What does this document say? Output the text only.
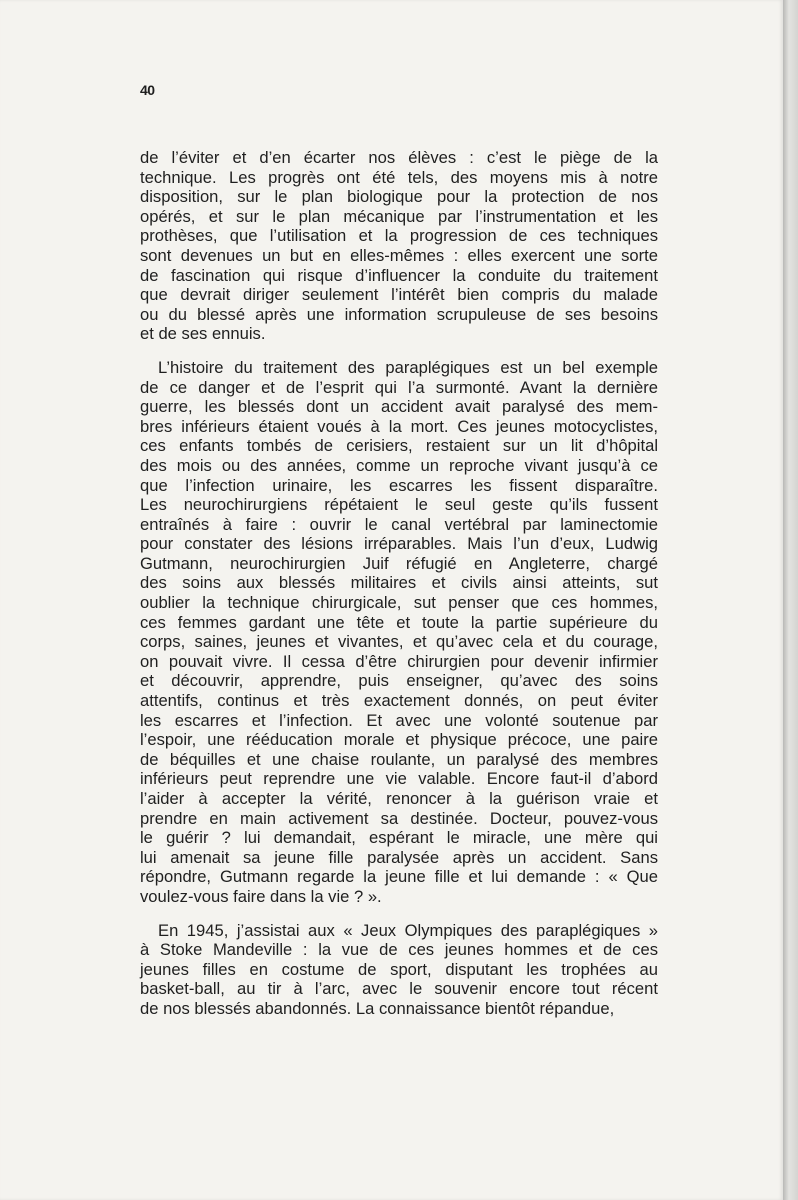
40
de l’éviter et d’en écarter nos élèves : c’est le piège de la
technique. Les progrès ont été tels, des moyens mis à notre
disposition, sur le plan biologique pour la protection de nos
opérés, et sur le plan mécanique par l’instrumentation et les
prothèses, que l’utilisation et la progression de ces techniques
sont devenues un but en elles-mêmes : elles exercent une sorte
de fascination qui risque d’influencer la conduite du traitement
que devrait diriger seulement l’intérêt bien compris du malade
ou du blessé après une information scrupuleuse de ses besoins
et de ses ennuis.
L’histoire du traitement des paraplégiques est un bel exemple
de ce danger et de l’esprit qui l’a surmonté. Avant la dernière
guerre, les blessés dont un accident avait paralysé des mem-
bres inférieurs étaient voués à la mort. Ces jeunes motocyclistes,
ces enfants tombés de cerisiers, restaient sur un lit d’hôpital
des mois ou des années, comme un reproche vivant jusqu’à ce
que l’infection urinaire, les escarres les fissent disparaître.
Les neurochirurgiens répétaient le seul geste qu’ils fussent
entraînés à faire : ouvrir le canal vertébral par laminectomie
pour constater des lésions irréparables. Mais l’un d’eux, Ludwig
Gutmann, neurochirurgien Juif réfugié en Angleterre, chargé
des soins aux blessés militaires et civils ainsi atteints, sut
oublier la technique chirurgicale, sut penser que ces hommes,
ces femmes gardant une tête et toute la partie supérieure du
corps, saines, jeunes et vivantes, et qu’avec cela et du courage,
on pouvait vivre. Il cessa d’être chirurgien pour devenir infirmier
et découvrir, apprendre, puis enseigner, qu’avec des soins
attentifs, continus et très exactement donnés, on peut éviter
les escarres et l’infection. Et avec une volonté soutenue par
l’espoir, une rééducation morale et physique précoce, une paire
de béquilles et une chaise roulante, un paralysé des membres
inférieurs peut reprendre une vie valable. Encore faut-il d’abord
l’aider à accepter la vérité, renoncer à la guérison vraie et
prendre en main activement sa destinée. Docteur, pouvez-vous
le guérir ? lui demandait, espérant le miracle, une mère qui
lui amenait sa jeune fille paralysée après un accident. Sans
répondre, Gutmann regarde la jeune fille et lui demande : « Que
voulez-vous faire dans la vie ? ».
En 1945, j’assistai aux « Jeux Olympiques des paraplégiques »
à Stoke Mandeville : la vue de ces jeunes hommes et de ces
jeunes filles en costume de sport, disputant les trophées au
basket-ball, au tir à l’arc, avec le souvenir encore tout récent
de nos blessés abandonnés. La connaissance bientôt répandue,
